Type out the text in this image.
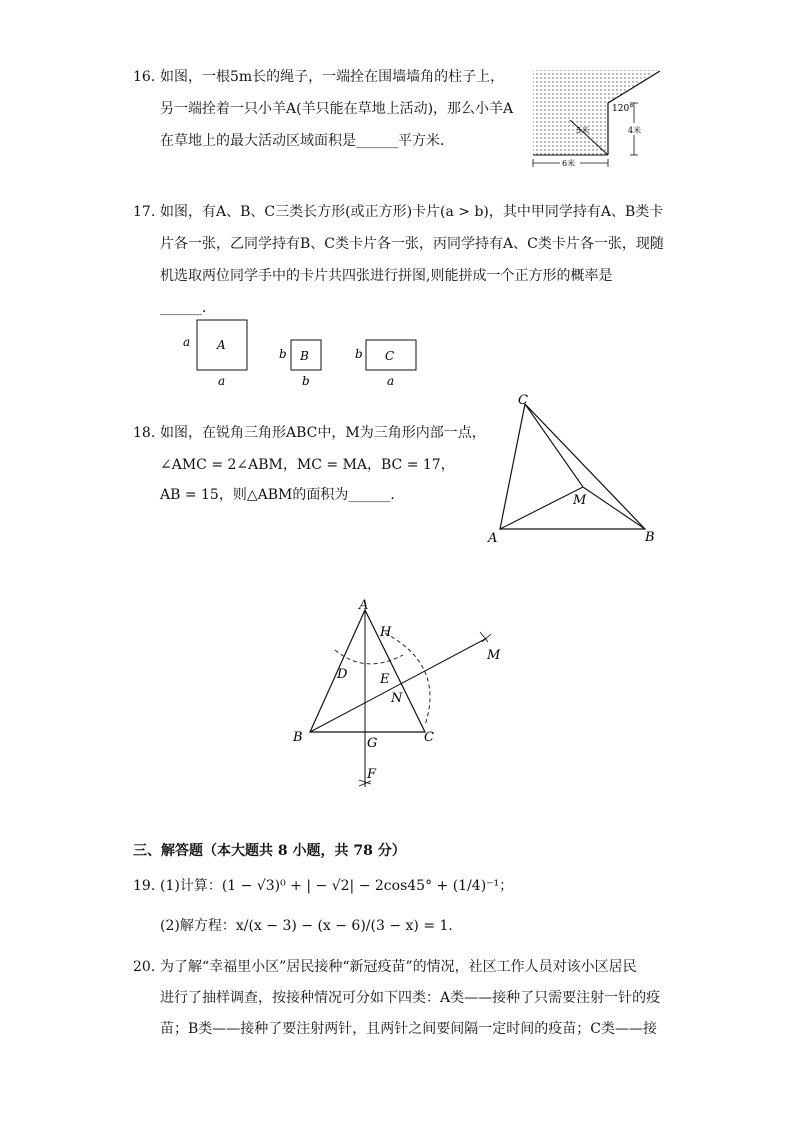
16. 如图，一根5m长的绳子，一端拴在围墙墙角的柱子上，
另一端拴着一只小羊A(羊只能在草地上活动)，那么小羊A
在草地上的最大活动区域面积是______平方米．
120°
5米	4米
6米
17. 如图，有A、B、C三类长方形(或正方形)卡片(a > b)，其中甲同学持有A、B类卡
片各一张，乙同学持有B、C类卡片各一张，丙同学持有A、C类卡片各一张，现随
机选取两位同学手中的卡片共四张进行拼图,则能拼成一个正方形的概率是
______．
A
a
a
B
b
b
C
b
a
18. 如图，在锐角三角形ABC中，M为三角形内部一点，
∠AMC = 2∠ABM，MC = MA，BC = 17，
AB = 15，则△ABM的面积为______．
A	B
C
M
A
B	C
D	E
F
G
H
M
N
三、解答题（本大题共 8 小题，共 78 分）
19. (1)计算：(1 − √3)⁰ + | − √2| − 2cos45° + (1/4)⁻¹；
(2)解方程：x/(x − 3) − (x − 6)/(3 − x) = 1.
20. 为了解“幸福里小区”居民接种“新冠疫苗”的情况，社区工作人员对该小区居民
进行了抽样调查，按接种情况可分如下四类：A类——接种了只需要注射一针的疫
苗；B类——接种了要注射两针，且两针之间要间隔一定时间的疫苗；C类——接
